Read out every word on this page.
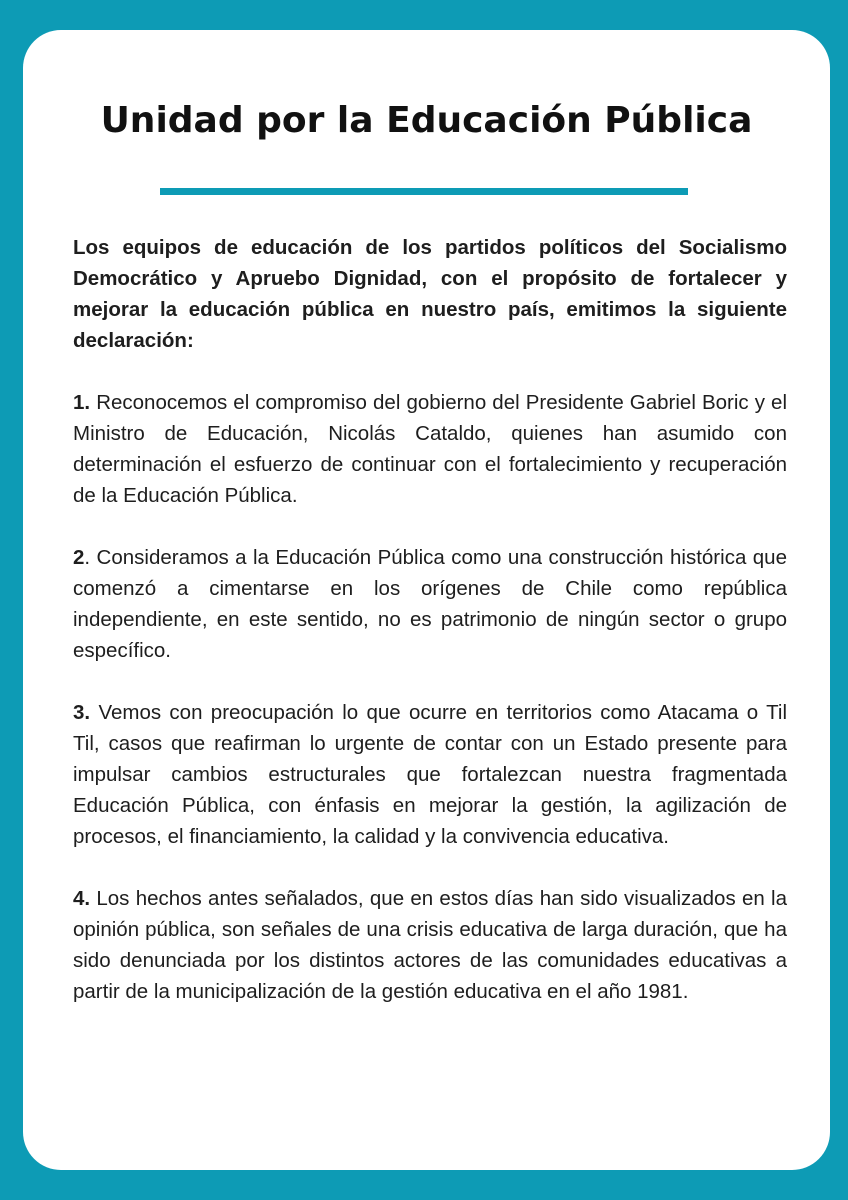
Unidad por la Educación Pública

Los equipos de educación de los partidos políticos del Socialismo Democrático y Apruebo Dignidad, con el propósito de fortalecer y mejorar la educación pública en nuestro país, emitimos la siguiente declaración:

1. Reconocemos el compromiso del gobierno del Presidente Gabriel Boric y el Ministro de Educación, Nicolás Cataldo, quienes han asumido con determinación el esfuerzo de continuar con el fortalecimiento y recuperación de la Educación Pública.

2. Consideramos a la Educación Pública como una construcción histórica que comenzó a cimentarse en los orígenes de Chile como república independiente, en este sentido, no es patrimonio de ningún sector o grupo específico.

3. Vemos con preocupación lo que ocurre en territorios como Atacama o Til Til, casos que reafirman lo urgente de contar con un Estado presente para impulsar cambios estructurales que fortalezcan nuestra fragmentada Educación Pública, con énfasis en mejorar la gestión, la agilización de procesos, el financiamiento, la calidad y la convivencia educativa.

4. Los hechos antes señalados, que en estos días han sido visualizados en la opinión pública, son señales de una crisis educativa de larga duración, que ha sido denunciada por los distintos actores de las comunidades educativas a partir de la municipalización de la gestión educativa en el año 1981.
